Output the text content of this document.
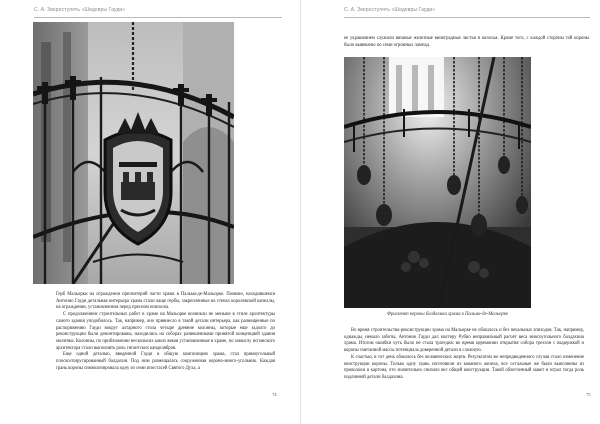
С. А. Зверостулять «Шедевры Гауди»

Герб Мальорки на ограждении пресвитерий части храма в Пальма-де-Мальорке. Помимо, находившемся Антонио Гауди детальная интерьера храма стали чаще гербы, закрепленные на стенах королевской капеллы, на ограждении, установленном перед пресном епископа.

С продолжением строительных работ в храме на Мальорке возникли не меньше в стиле архитектуры самого здания уподобилось. Так, например, оно привнесло в такой детали интерьера, как размещенные по распоряжению Гауди вокруг алтарного стола четыре древние колонны, которые еще задолго до реконструкции были демонтированы, находились на соборах развешенными принятой концепцией здания молитвы. Колонны, по приближении нескольких каких веков установленные в храме, по замыслу испанского архитектора стали выполнять роль гигантских канделябров.

Еще одной деталью, введенной Гауди в общую композицию храма, стал прямоугольный плоскоспирусированный балдахин. Под ним размещалась сооруженная короно-много-угольник. Каждая грань короны символизировала одну из семи ипостасей Святого Духа, а

74
С. А. Зверостулять «Шедевры Гауди»

ее украшением служили вязаные железные виноградные листья и колосья. Кроме того, с каждой стороны той короны было вывешено по семи огромных лампад.

Фрагмент короны балдахина храма в Пальма-де-Мальорке

Во время строительства-реконструкции храма на Мальорке не обошлось и без печальных эпизодов. Так, например, однажды, немало заботы, Антонио Гауди дал мастеру Рубио неправильный расчет веса многоугольного балдахина храма. Итогом ошибки чуть было не стала трагедия: во время церемонии открытия собора трехзон с выдержкой и короны сметанной массы потенциала доверенной детали в сложную.

К счастью, в тот день обошлось без человеческих жертв. Результатом же непредвиденного случая стало изменение конструкции короны. Только одну грань изготовили из кованого железа, все остальные же были выполнены из проволоки и картона, что значительно снизило вес общей конструкции. Такой облегченный макет и играл тогда роль подлинной детали балдахина.

75
